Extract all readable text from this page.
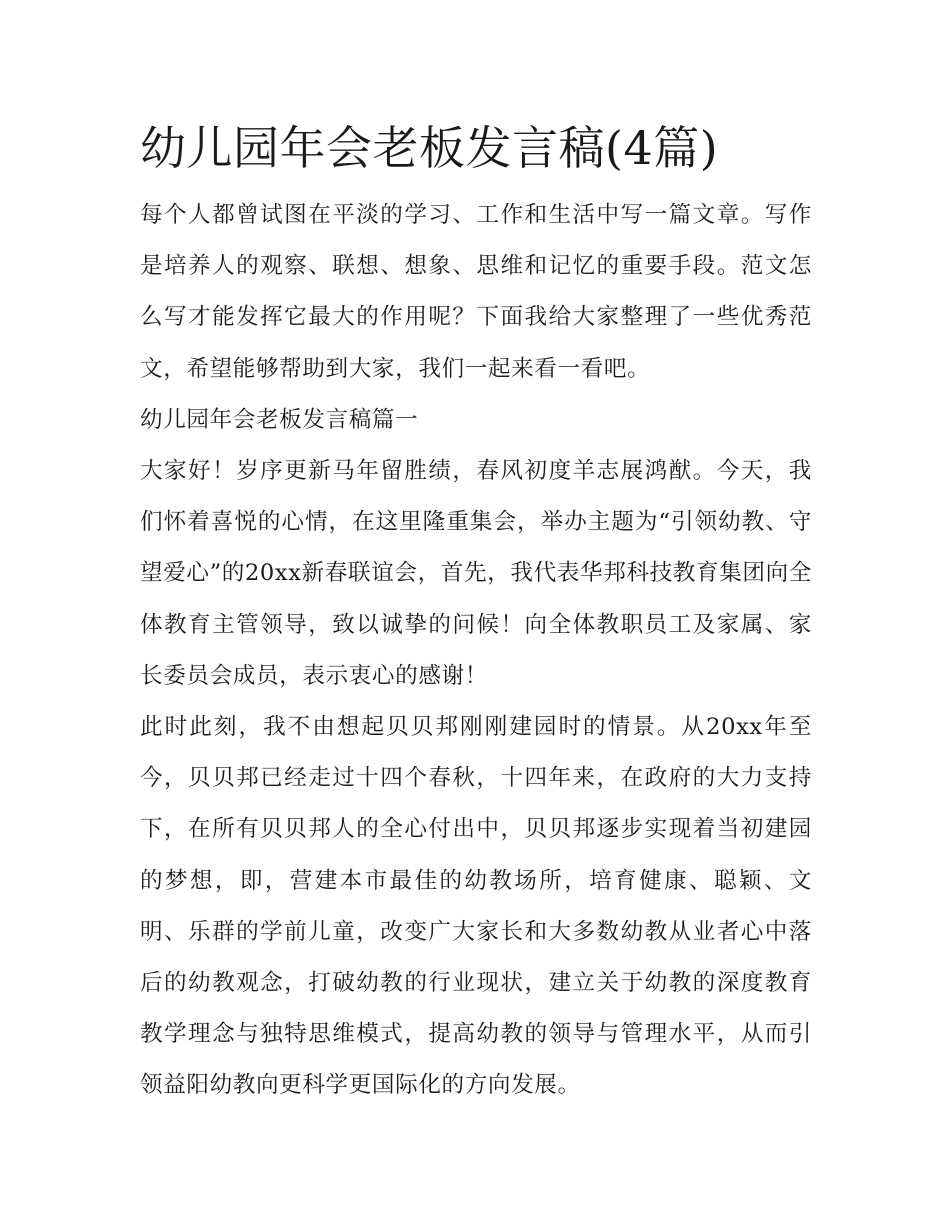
幼儿园年会老板发言稿(4篇)

每个人都曾试图在平淡的学习、工作和生活中写一篇文章。写作是培养人的观察、联想、想象、思维和记忆的重要手段。范文怎么写才能发挥它最大的作用呢？下面我给大家整理了一些优秀范文，希望能够帮助到大家，我们一起来看一看吧。

幼儿园年会老板发言稿篇一

大家好！岁序更新马年留胜绩，春风初度羊志展鸿猷。今天，我们怀着喜悦的心情，在这里隆重集会，举办主题为“引领幼教、守望爱心”的20xx新春联谊会，首先，我代表华邦科技教育集团向全体教育主管领导，致以诚挚的问候！向全体教职员工及家属、家长委员会成员，表示衷心的感谢！

此时此刻，我不由想起贝贝邦刚刚建园时的情景。从20xx年至今，贝贝邦已经走过十四个春秋，十四年来，在政府的大力支持下，在所有贝贝邦人的全心付出中，贝贝邦逐步实现着当初建园的梦想，即，营建本市最佳的幼教场所，培育健康、聪颖、文明、乐群的学前儿童，改变广大家长和大多数幼教从业者心中落后的幼教观念，打破幼教的行业现状，建立关于幼教的深度教育教学理念与独特思维模式，提高幼教的领导与管理水平，从而引领益阳幼教向更科学更国际化的方向发展。
